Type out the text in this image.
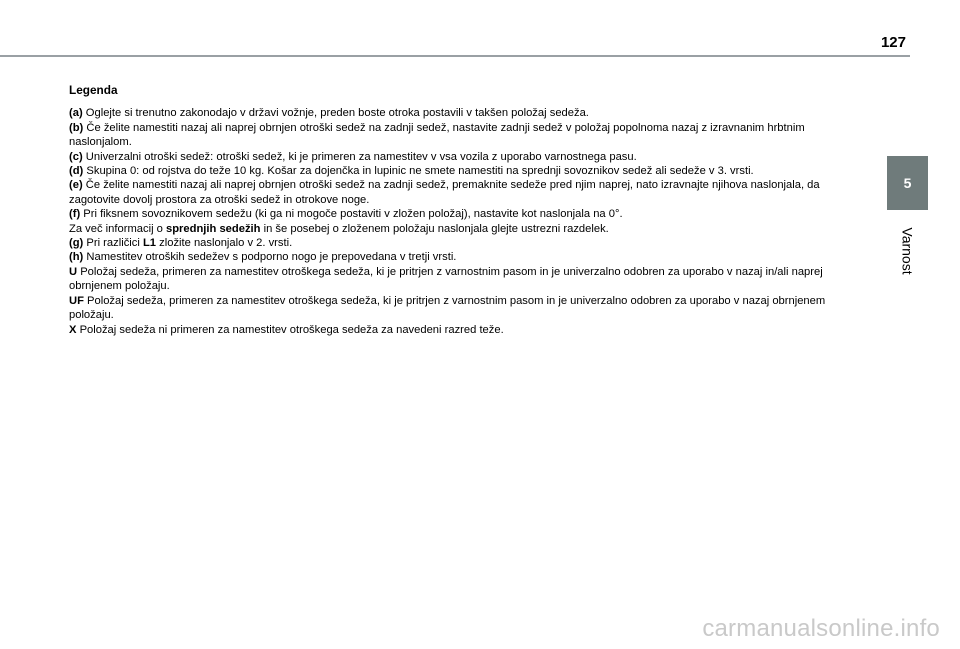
127
5
Varnost
Legenda

(a) Oglejte si trenutno zakonodajo v državi vožnje, preden boste otroka postavili v takšen položaj sedeža.

(b) Če želite namestiti nazaj ali naprej obrnjen otroški sedež na zadnji sedež, nastavite zadnji sedež v položaj popolnoma nazaj z izravnanim hrbtnim naslonjalom.

(c) Univerzalni otroški sedež: otroški sedež, ki je primeren za namestitev v vsa vozila z uporabo varnostnega pasu.

(d) Skupina 0: od rojstva do teže 10 kg. Košar za dojenčka in lupinic ne smete namestiti na sprednji sovoznikov sedež ali sedeže v 3. vrsti.

(e) Če želite namestiti nazaj ali naprej obrnjen otroški sedež na zadnji sedež, premaknite sedeže pred njim naprej, nato izravnajte njihova naslonjala, da zagotovite dovolj prostora za otroški sedež in otrokove noge.

(f) Pri fiksnem sovoznikovem sedežu (ki ga ni mogoče postaviti v zložen položaj), nastavite kot naslonjala na 0°.

Za več informacij o sprednjih sedežih in še posebej o zloženem položaju naslonjala glejte ustrezni razdelek.

(g) Pri različici L1 zložite naslonjalo v 2. vrsti.

(h) Namestitev otroških sedežev s podporno nogo je prepovedana v tretji vrsti.

U Položaj sedeža, primeren za namestitev otroškega sedeža, ki je pritrjen z varnostnim pasom in je univerzalno odobren za uporabo v nazaj in/ali naprej obrnjenem položaju.

UF Položaj sedeža, primeren za namestitev otroškega sedeža, ki je pritrjen z varnostnim pasom in je univerzalno odobren za uporabo v nazaj obrnjenem položaju.

X Položaj sedeža ni primeren za namestitev otroškega sedeža za navedeni razred teže.

carmanualsonline.info
